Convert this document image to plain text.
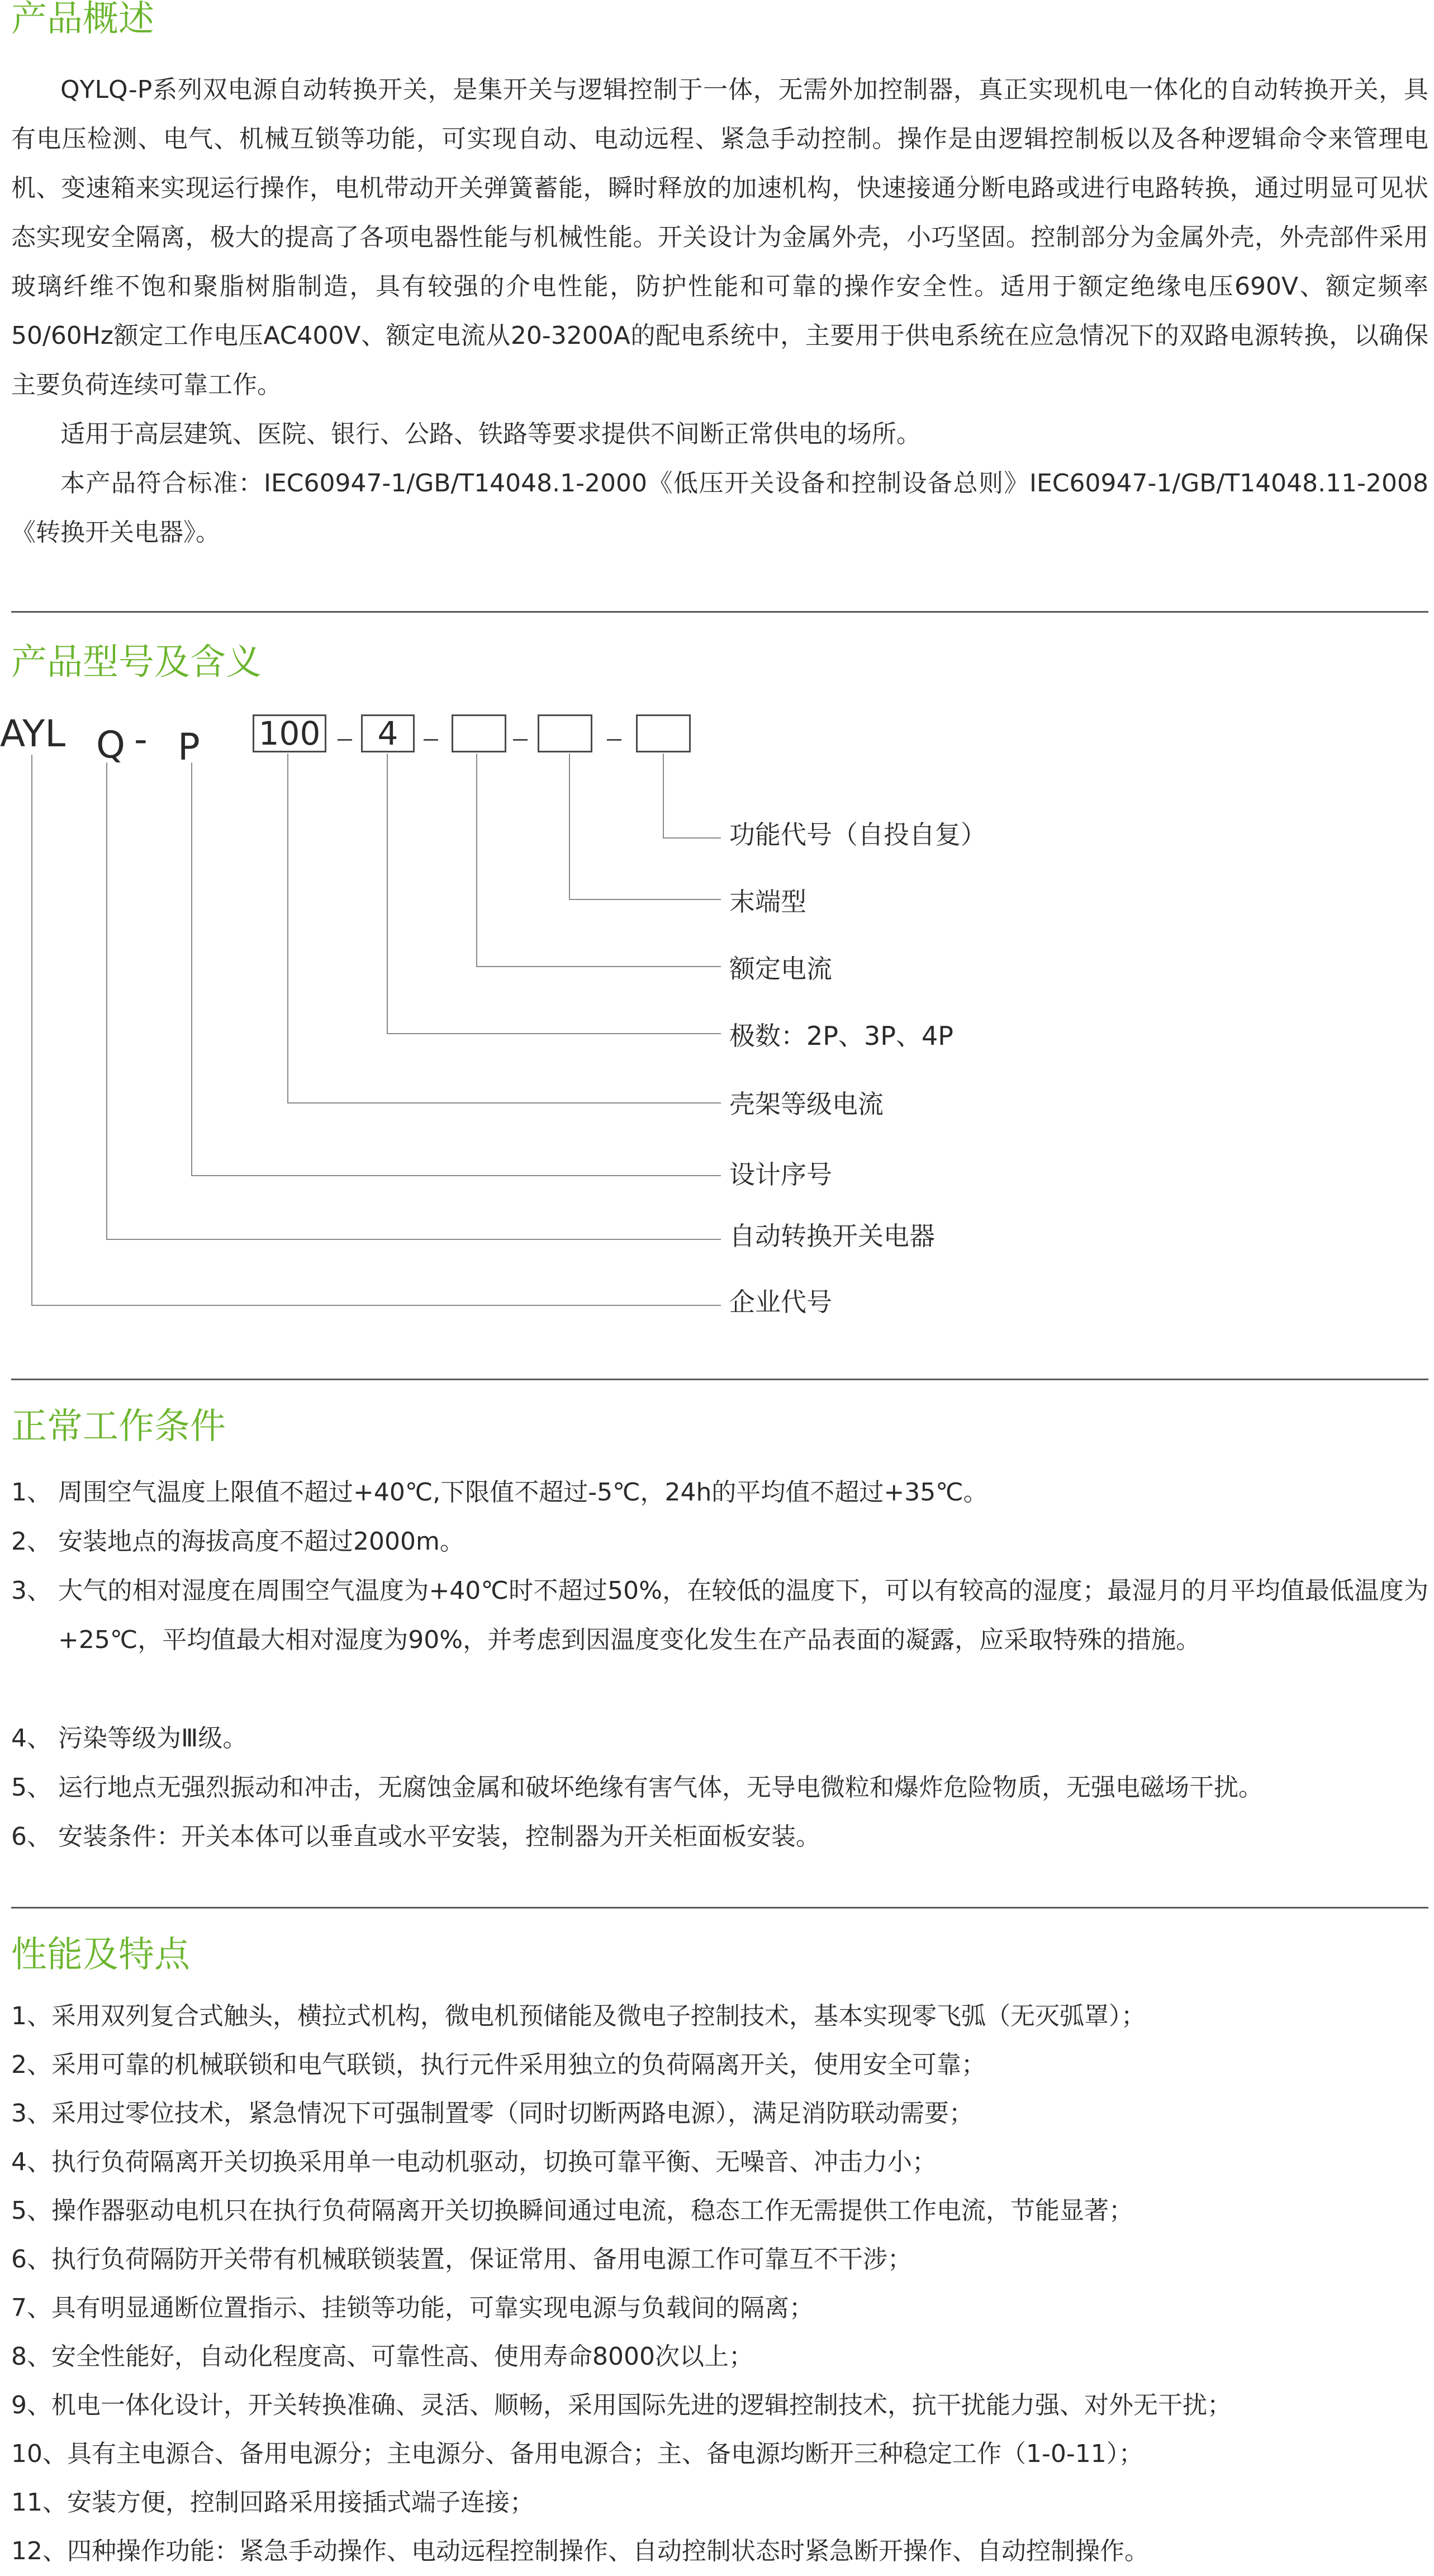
产品概述

QYLQ-P系列双电源自动转换开关，是集开关与逻辑控制于一体，无需外加控制器，真正实现机电一体化的自动转换开关，具有电压检测、电气、机械互锁等功能，可实现自动、电动远程、紧急手动控制。操作是由逻辑控制板以及各种逻辑命令来管理电机、变速箱来实现运行操作，电机带动开关弹簧蓄能，瞬时释放的加速机构，快速接通分断电路或进行电路转换，通过明显可见状态实现安全隔离，极大的提高了各项电器性能与机械性能。开关设计为金属外壳，小巧坚固。控制部分为金属外壳，外壳部件采用玻璃纤维不饱和聚脂树脂制造，具有较强的介电性能，防护性能和可靠的操作安全性。适用于额定绝缘电压690V、额定频率50/60Hz额定工作电压AC400V、额定电流从20-3200A的配电系统中，主要用于供电系统在应急情况下的双路电源转换，以确保主要负荷连续可靠工作。

适用于高层建筑、医院、银行、公路、铁路等要求提供不间断正常供电的场所。

本产品符合标准：IEC60947-1/GB/T14048.1-2000《低压开关设备和控制设备总则》IEC60947-1/GB/T14048.11-2008《转换开关电器》。

产品型号及含义
AYL Q - P 100	4
功能代号（自投自复）
末端型
额定电流
极数：2P、3P、4P
壳架等级电流
设计序号
自动转换开关电器
企业代号
正常工作条件
1、 周围空气温度上限值不超过+40℃,下限值不超过-5℃，24h的平均值不超过+35℃。
2、 安装地点的海拔高度不超过2000m。
3、 大气的相对湿度在周围空气温度为+40℃时不超过50%，在较低的温度下，可以有较高的湿度；最湿月的月平均值最低温度为+25℃，平均值最大相对湿度为90%，并考虑到因温度变化发生在产品表面的凝露，应采取特殊的措施。
4、 污染等级为Ⅲ级。
5、 运行地点无强烈振动和冲击，无腐蚀金属和破坏绝缘有害气体，无导电微粒和爆炸危险物质，无强电磁场干扰。
6、 安装条件：开关本体可以垂直或水平安装，控制器为开关柜面板安装。
性能及特点

1、采用双列复合式触头，横拉式机构，微电机预储能及微电子控制技术，基本实现零飞弧（无灭弧罩）；

2、采用可靠的机械联锁和电气联锁，执行元件采用独立的负荷隔离开关，使用安全可靠；

3、采用过零位技术，紧急情况下可强制置零（同时切断两路电源），满足消防联动需要；

4、执行负荷隔离开关切换采用单一电动机驱动，切换可靠平衡、无噪音、冲击力小；

5、操作器驱动电机只在执行负荷隔离开关切换瞬间通过电流，稳态工作无需提供工作电流，节能显著；

6、执行负荷隔防开关带有机械联锁装置，保证常用、备用电源工作可靠互不干涉；

7、具有明显通断位置指示、挂锁等功能，可靠实现电源与负载间的隔离；

8、安全性能好，自动化程度高、可靠性高、使用寿命8000次以上；

9、机电一体化设计，开关转换准确、灵活、顺畅，采用国际先进的逻辑控制技术，抗干扰能力强、对外无干扰；

10、具有主电源合、备用电源分；主电源分、备用电源合；主、备电源均断开三种稳定工作（1-0-11）；

11、安装方便，控制回路采用接插式端子连接；

12、四种操作功能：紧急手动操作、电动远程控制操作、自动控制状态时紧急断开操作、自动控制操作。
